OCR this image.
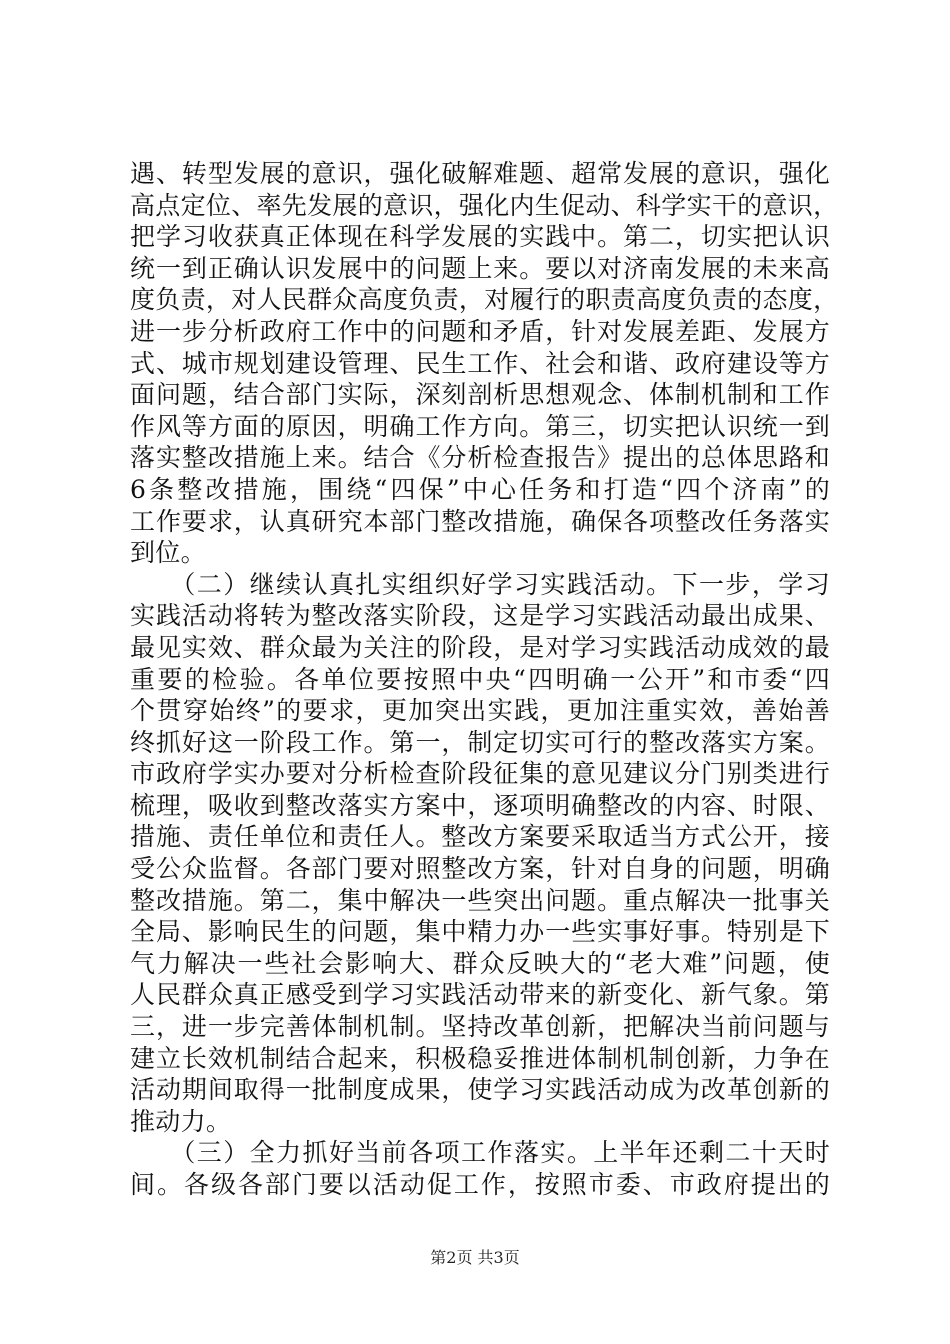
遇、转型发展的意识，强化破解难题、超常发展的意识，强化
高点定位、率先发展的意识，强化内生促动、科学实干的意识，
把学习收获真正体现在科学发展的实践中。第二，切实把认识
统一到正确认识发展中的问题上来。要以对济南发展的未来高
度负责，对人民群众高度负责，对履行的职责高度负责的态度，
进一步分析政府工作中的问题和矛盾，针对发展差距、发展方
式、城市规划建设管理、民生工作、社会和谐、政府建设等方
面问题，结合部门实际，深刻剖析思想观念、体制机制和工作
作风等方面的原因，明确工作方向。第三，切实把认识统一到
落实整改措施上来。结合《分析检查报告》提出的总体思路和
6条整改措施，围绕“四保”中心任务和打造“四个济南”的
工作要求，认真研究本部门整改措施，确保各项整改任务落实
到位。
　　（二）继续认真扎实组织好学习实践活动。下一步，学习
实践活动将转为整改落实阶段，这是学习实践活动最出成果、
最见实效、群众最为关注的阶段，是对学习实践活动成效的最
重要的检验。各单位要按照中央“四明确一公开”和市委“四
个贯穿始终”的要求，更加突出实践，更加注重实效，善始善
终抓好这一阶段工作。第一，制定切实可行的整改落实方案。
市政府学实办要对分析检查阶段征集的意见建议分门别类进行
梳理，吸收到整改落实方案中，逐项明确整改的内容、时限、
措施、责任单位和责任人。整改方案要采取适当方式公开，接
受公众监督。各部门要对照整改方案，针对自身的问题，明确
整改措施。第二，集中解决一些突出问题。重点解决一批事关
全局、影响民生的问题，集中精力办一些实事好事。特别是下
气力解决一些社会影响大、群众反映大的“老大难”问题，使
人民群众真正感受到学习实践活动带来的新变化、新气象。第
三，进一步完善体制机制。坚持改革创新，把解决当前问题与
建立长效机制结合起来，积极稳妥推进体制机制创新，力争在
活动期间取得一批制度成果，使学习实践活动成为改革创新的
推动力。
　　（三）全力抓好当前各项工作落实。上半年还剩二十天时
间。各级各部门要以活动促工作，按照市委、市政府提出的
第2页 共3页
